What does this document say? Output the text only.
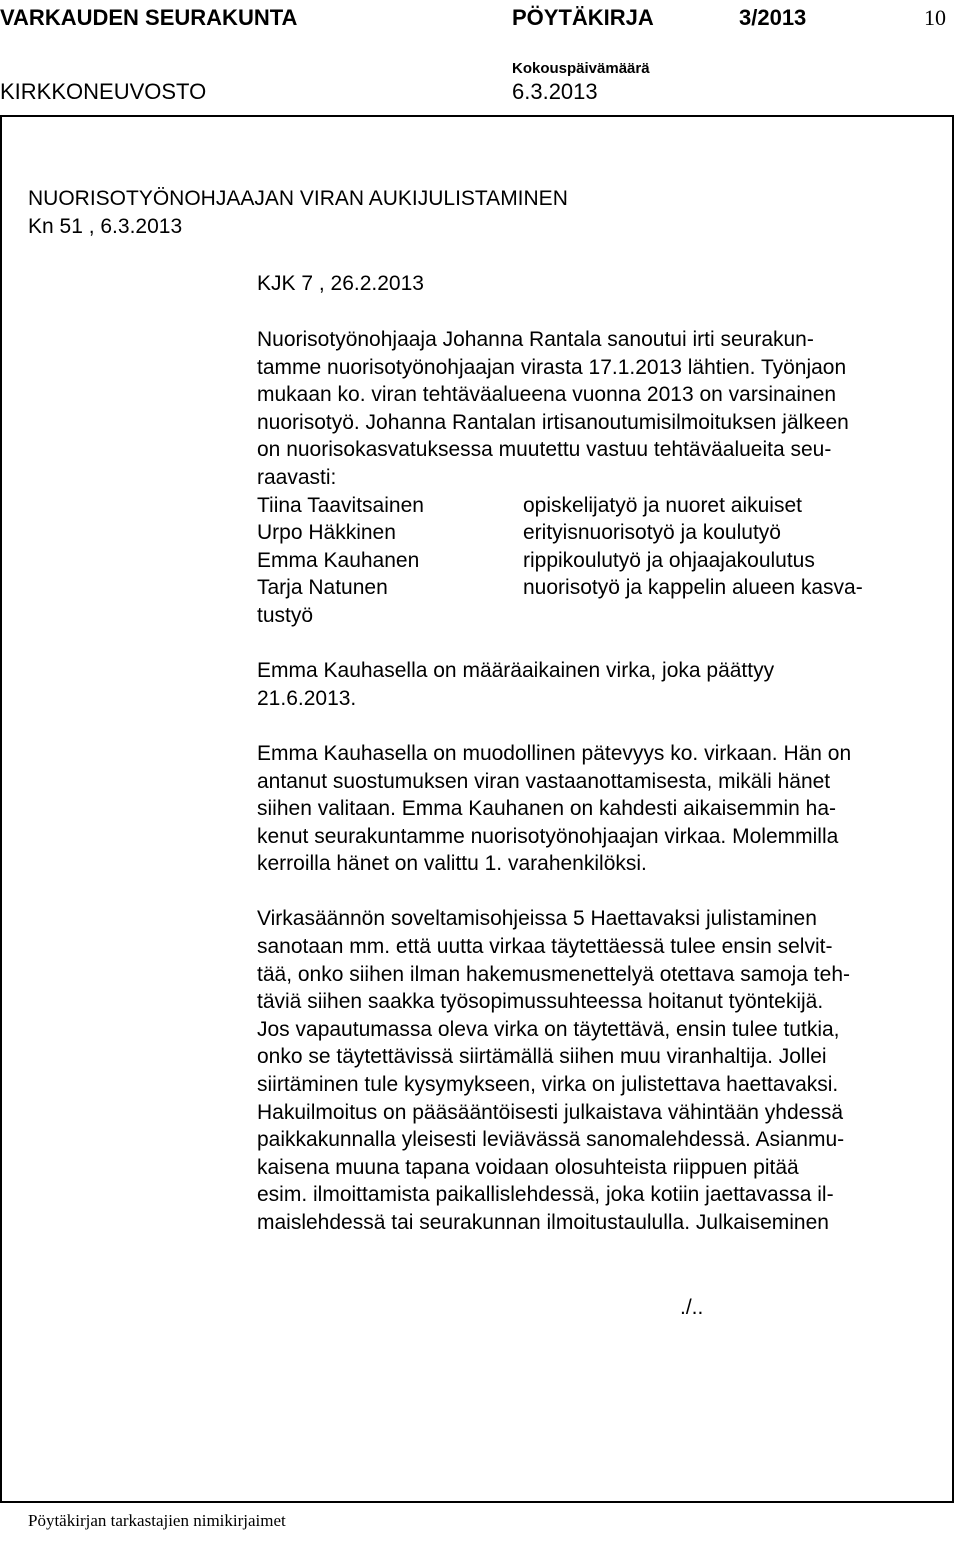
VARKAUDEN SEURAKUNTA	PÖYTÄKIRJA	3/2013	10
KIRKKONEUVOSTO
Kokouspäivämäärä
6.3.2013
NUORISOTYÖNOHJAAJAN VIRAN AUKIJULISTAMINEN
Kn 51 , 6.3.2013
KJK 7 , 26.2.2013
Nuorisotyönohjaaja Johanna Rantala sanoutui irti seurakun-
tamme nuorisotyönohjaajan virasta 17.1.2013 lähtien. Työnjaon
mukaan ko. viran tehtäväalueena vuonna 2013 on varsinainen
nuorisotyö. Johanna Rantalan irtisanoutumisilmoituksen jälkeen
on nuorisokasvatuksessa muutettu vastuu tehtäväalueita seu-
raavasti:
Tiina Taavitsainen	opiskelijatyö ja nuoret aikuiset
Urpo Häkkinen	erityisnuorisotyö ja koulutyö
Emma Kauhanen	rippikoulutyö ja ohjaajakoulutus
Tarja Natunen	nuorisotyö ja kappelin alueen kasva-
tustyö
Emma Kauhasella on määräaikainen virka, joka päättyy
21.6.2013.
Emma Kauhasella on muodollinen pätevyys ko. virkaan. Hän on
antanut suostumuksen viran vastaanottamisesta, mikäli hänet
siihen valitaan. Emma Kauhanen on kahdesti aikaisemmin ha-
kenut seurakuntamme nuorisotyönohjaajan virkaa. Molemmilla
kerroilla hänet on valittu 1. varahenkilöksi.
Virkasäännön soveltamisohjeissa 5 Haettavaksi julistaminen
sanotaan mm. että uutta virkaa täytettäessä tulee ensin selvit-
tää, onko siihen ilman hakemusmenettelyä otettava samoja teh-
täviä siihen saakka työsopimussuhteessa hoitanut työntekijä.
Jos vapautumassa oleva virka on täytettävä, ensin tulee tutkia,
onko se täytettävissä siirtämällä siihen muu viranhaltija. Jollei
siirtäminen tule kysymykseen, virka on julistettava haettavaksi.
Hakuilmoitus on pääsääntöisesti julkaistava vähintään yhdessä
paikkakunnalla yleisesti leviävässä sanomalehdessä. Asianmu-
kaisena muuna tapana voidaan olosuhteista riippuen pitää
esim. ilmoittamista paikallislehdessä, joka kotiin jaettavassa il-
maislehdessä tai seurakunnan ilmoitustaululla. Julkaiseminen
./..
Pöytäkirjan tarkastajien nimikirjaimet
